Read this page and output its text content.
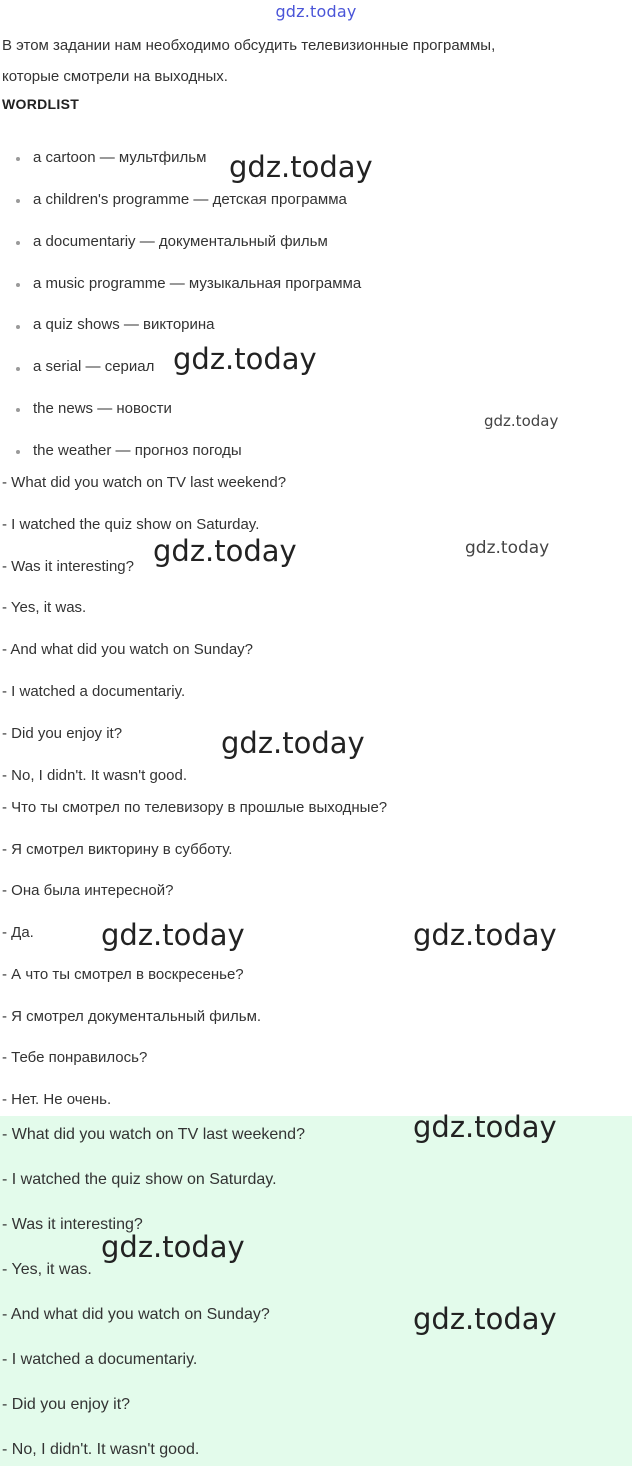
gdz.today
В этом задании нам необходимо обсудить телевизионные программы,
которые смотрели на выходных.
WORDLIST
a cartoon — мультфильм
a children's programme — детская программа
a documentariy — документальный фильм
a music programme — музыкальная программа
a quiz shows — викторина
a serial — сериал
the news — новости
the weather — прогноз погоды
- What did you watch on TV last weekend?
- I watched the quiz show on Saturday.
- Was it interesting?
- Yes, it was.
- And what did you watch on Sunday?
- I watched a documentariy.
- Did you enjoy it?
- No, I didn't. It wasn't good.
- Что ты смотрел по телевизору в прошлые выходные?
- Я смотрел викторину в субботу.
- Она была интересной?
- Да.
- А что ты смотрел в воскресенье?
- Я смотрел документальный фильм.
- Тебе понравилось?
- Нет. Не очень.
- What did you watch on TV last weekend?
- I watched the quiz show on Saturday.
- Was it interesting?
- Yes, it was.
- And what did you watch on Sunday?
- I watched a documentariy.
- Did you enjoy it?
- No, I didn't. It wasn't good.
gdz.today
gdz.today
gdz.today
gdz.today	gdz.today
gdz.today
gdz.today	gdz.today
gdz.today
gdz.today
gdz.today
